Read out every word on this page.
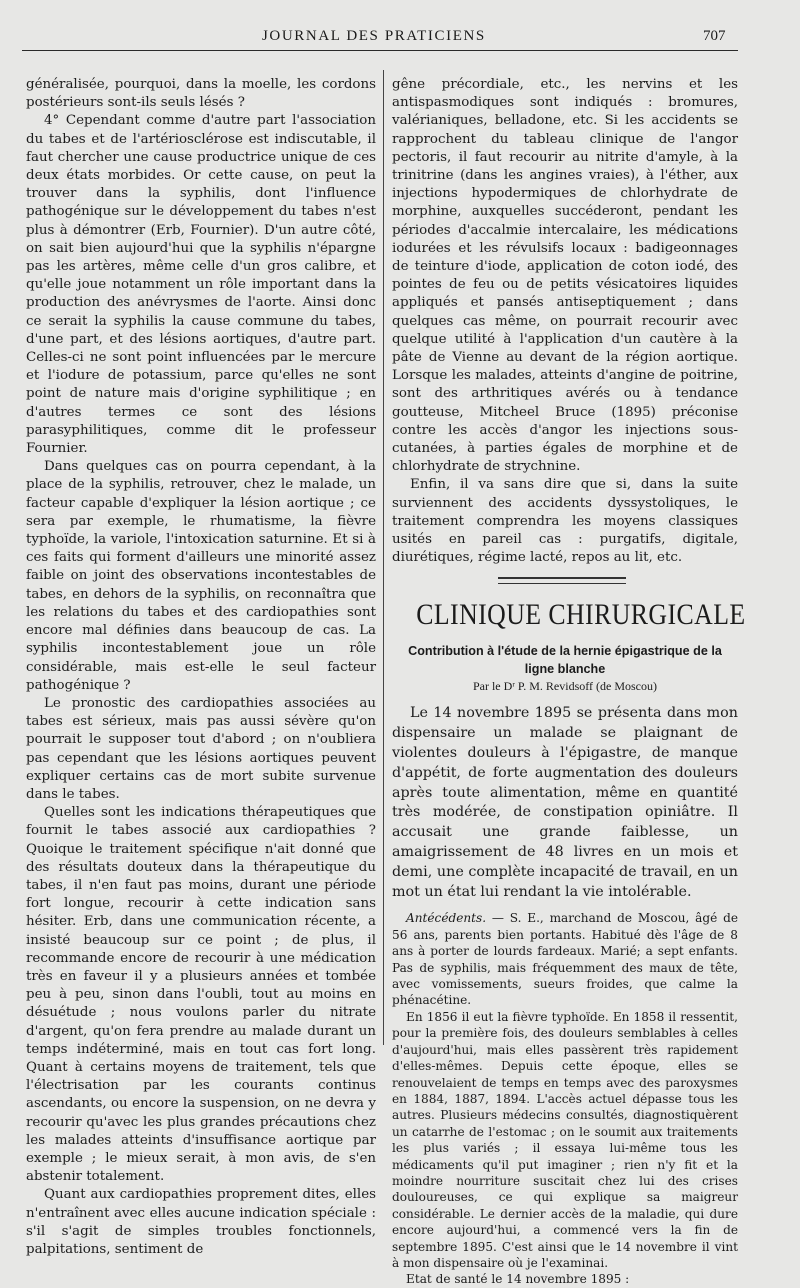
JOURNAL DES PRATICIENS	707

généralisée, pourquoi, dans la moelle, les cordons postérieurs sont-ils seuls lésés ?

4° Cependant comme d'autre part l'association du tabes et de l'artériosclérose est indiscutable, il faut chercher une cause productrice unique de ces deux états morbides. Or cette cause, on peut la trouver dans la syphilis, dont l'influence pathogénique sur le développement du tabes n'est plus à démontrer (Erb, Fournier). D'un autre côté, on sait bien aujourd'hui que la syphilis n'épargne pas les artères, même celle d'un gros calibre, et qu'elle joue notamment un rôle important dans la production des anévrysmes de l'aorte. Ainsi donc ce serait la syphilis la cause commune du tabes, d'une part, et des lésions aortiques, d'autre part. Celles-ci ne sont point influencées par le mercure et l'iodure de potassium, parce qu'elles ne sont point de nature mais d'origine syphilitique ; en d'autres termes ce sont des lésions parasyphilitiques, comme dit le professeur Fournier.

Dans quelques cas on pourra cependant, à la place de la syphilis, retrouver, chez le malade, un facteur capable d'expliquer la lésion aortique ; ce sera par exemple, le rhumatisme, la fièvre typhoïde, la variole, l'intoxication saturnine. Et si à ces faits qui forment d'ailleurs une minorité assez faible on joint des observations incontestables de tabes, en dehors de la syphilis, on reconnaîtra que les relations du tabes et des cardiopathies sont encore mal définies dans beaucoup de cas. La syphilis incontestablement joue un rôle considérable, mais est-elle le seul facteur pathogénique ?

Le pronostic des cardiopathies associées au tabes est sérieux, mais pas aussi sévère qu'on pourrait le supposer tout d'abord ; on n'oubliera pas cependant que les lésions aortiques peuvent expliquer certains cas de mort subite survenue dans le tabes.

Quelles sont les indications thérapeutiques que fournit le tabes associé aux cardiopathies ? Quoique le traitement spécifique n'ait donné que des résultats douteux dans la thérapeutique du tabes, il n'en faut pas moins, durant une période fort longue, recourir à cette indication sans hésiter. Erb, dans une communication récente, a insisté beaucoup sur ce point ; de plus, il recommande encore de recourir à une médication très en faveur il y a plusieurs années et tombée peu à peu, sinon dans l'oubli, tout au moins en désuétude ; nous voulons parler du nitrate d'argent, qu'on fera prendre au malade durant un temps indéterminé, mais en tout cas fort long. Quant à certains moyens de traitement, tels que l'électrisation par les courants continus ascendants, ou encore la suspension, on ne devra y recourir qu'avec les plus grandes précautions chez les malades atteints d'insuffisance aortique par exemple ; le mieux serait, à mon avis, de s'en abstenir totalement.

Quant aux cardiopathies proprement dites, elles n'entraînent avec elles aucune indication spéciale : s'il s'agit de simples troubles fonctionnels, palpitations, sentiment de

gêne précordiale, etc., les nervins et les antispasmodiques sont indiqués : bromures, valérianiques, belladone, etc. Si les accidents se rapprochent du tableau clinique de l'angor pectoris, il faut recourir au nitrite d'amyle, à la trinitrine (dans les angines vraies), à l'éther, aux injections hypodermiques de chlorhydrate de morphine, auxquelles succéderont, pendant les périodes d'accalmie intercalaire, les médications iodurées et les révulsifs locaux : badigeonnages de teinture d'iode, application de coton iodé, des pointes de feu ou de petits vésicatoires liquides appliqués et pansés antiseptiquement ; dans quelques cas même, on pourrait recourir avec quelque utilité à l'application d'un cautère à la pâte de Vienne au devant de la région aortique. Lorsque les malades, atteints d'angine de poitrine, sont des arthritiques avérés ou à tendance goutteuse, Mitcheel Bruce (1895) préconise contre les accès d'angor les injections sous-cutanées, à parties égales de morphine et de chlorhydrate de strychnine.

Enfin, il va sans dire que si, dans la suite surviennent des accidents dyssystoliques, le traitement comprendra les moyens classiques usités en pareil cas : purgatifs, digitale, diurétiques, régime lacté, repos au lit, etc.

CLINIQUE CHIRURGICALE
Contribution à l'étude de la hernie épigastrique de la ligne blanche
Par le Dʳ P. M. Revidsoff (de Moscou)

Le 14 novembre 1895 se présenta dans mon dispensaire un malade se plaignant de violentes douleurs à l'épigastre, de manque d'appétit, de forte augmentation des douleurs après toute alimentation, même en quantité très modérée, de constipation opiniâtre. Il accusait une grande faiblesse, un amaigrissement de 48 livres en un mois et demi, une complète incapacité de travail, en un mot un état lui rendant la vie intolérable.

Antécédents. — S. E., marchand de Moscou, âgé de 56 ans, parents bien portants. Habitué dès l'âge de 8 ans à porter de lourds fardeaux. Marié; a sept enfants. Pas de syphilis, mais fréquemment des maux de tête, avec vomissements, sueurs froides, que calme la phénacétine.

En 1856 il eut la fièvre typhoïde. En 1858 il ressentit, pour la première fois, des douleurs semblables à celles d'aujourd'hui, mais elles passèrent très rapidement d'elles-mêmes. Depuis cette époque, elles se renouvelaient de temps en temps avec des paroxysmes en 1884, 1887, 1894. L'accès actuel dépasse tous les autres. Plusieurs médecins consultés, diagnostiquèrent un catarrhe de l'estomac ; on le soumit aux traitements les plus variés ; il essaya lui-même tous les médicaments qu'il put imaginer ; rien n'y fit et la moindre nourriture suscitait chez lui des crises douloureuses, ce qui explique sa maigreur considérable. Le dernier accès de la maladie, qui dure encore aujourd'hui, a commencé vers la fin de septembre 1895. C'est ainsi que le 14 novembre il vint à mon dispensaire où je l'examinai.

Etat de santé le 14 novembre 1895 :
